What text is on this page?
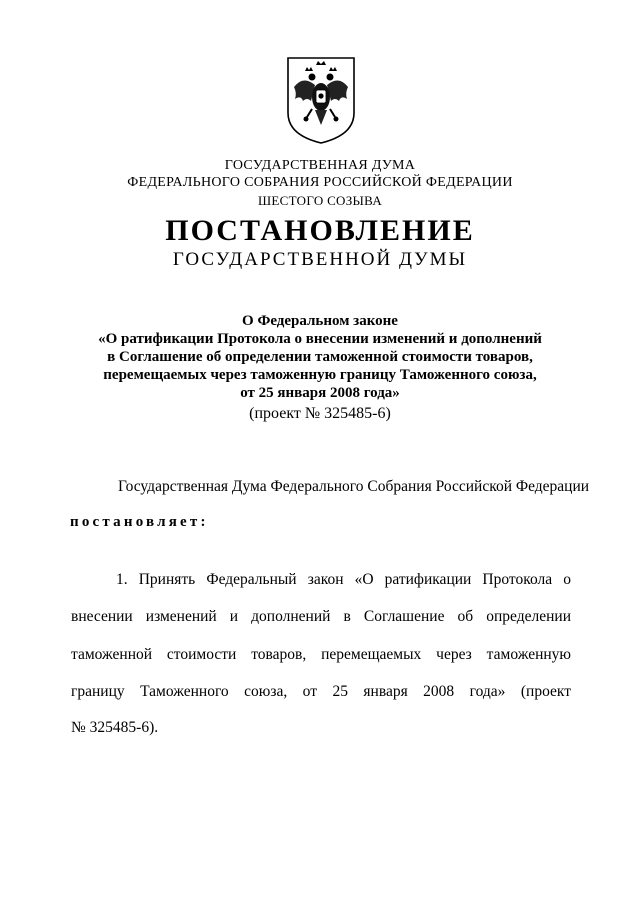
ГОСУДАРСТВЕННАЯ ДУМА
ФЕДЕРАЛЬНОГО СОБРАНИЯ РОССИЙСКОЙ ФЕДЕРАЦИИ
ШЕСТОГО СОЗЫВА
ПОСТАНОВЛЕНИЕ
ГОСУДАРСТВЕННОЙ ДУМЫ
О Федеральном законе
«О ратификации Протокола о внесении изменений и дополнений
в Соглашение об определении таможенной стоимости товаров,
перемещаемых через таможенную границу Таможенного союза,
от 25 января 2008 года»
(проект № 325485-6)
Государственная Дума Федерального Собрания Российской Федерации
постановляет:
1. Принять Федеральный закон «О ратификации Протокола о
внесении изменений и дополнений в Соглашение об определении
таможенной стоимости товаров, перемещаемых через таможенную
границу Таможенного союза, от 25 января 2008 года» (проект
№ 325485-6).
